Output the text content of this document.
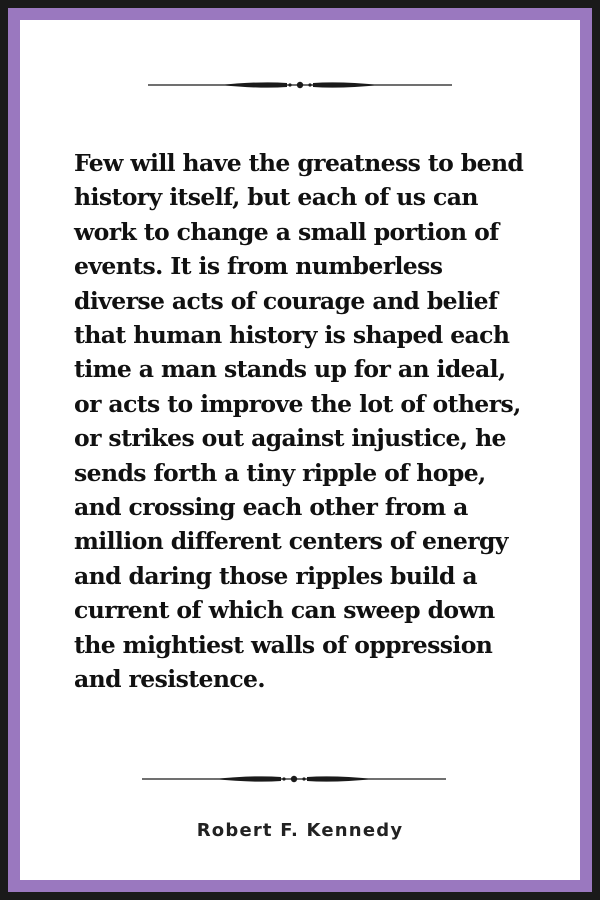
Few will have the greatness to bend
history itself, but each of us can
work to change a small portion of
events. It is from numberless
diverse acts of courage and belief
that human history is shaped each
time a man stands up for an ideal,
or acts to improve the lot of others,
or strikes out against injustice, he
sends forth a tiny ripple of hope,
and crossing each other from a
million different centers of energy
and daring those ripples build a
current of which can sweep down
the mightiest walls of oppression
and resistence.

Robert F. Kennedy
